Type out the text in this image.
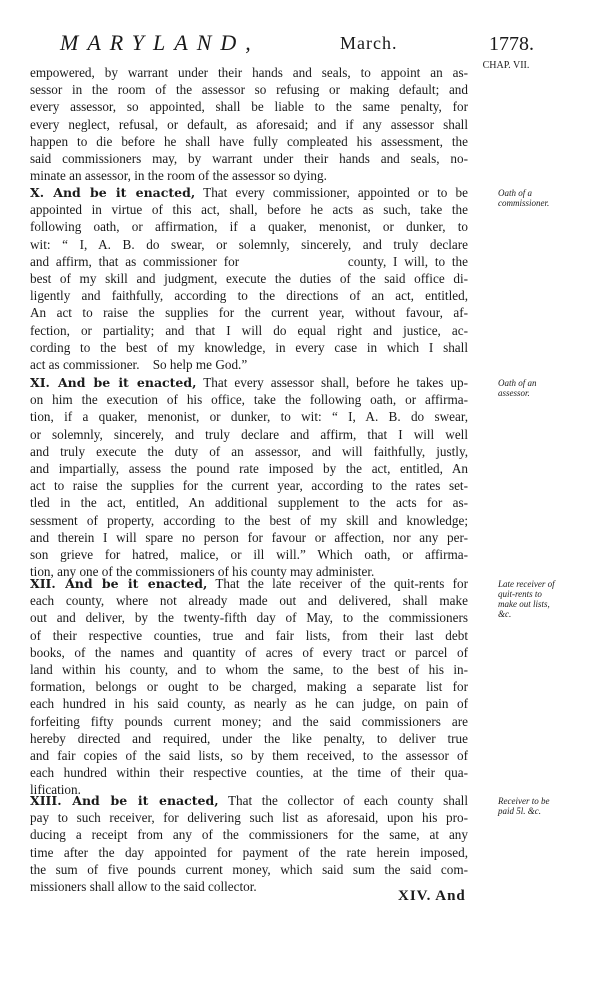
MARYLAND,	March.	1778.
CHAP. VII.
empowered, by warrant under their hands and seals, to appoint an as-
sessor in the room of the assessor so refusing or making default; and
every assessor, so appointed, shall be liable to the same penalty, for
every neglect, refusal, or default, as aforesaid; and if any assessor shall
happen to die before he shall have fully compleated his assessment, the
said commissioners may, by warrant under their hands and seals, no-
minate an assessor, in the room of the assessor so dying.
X. And be it enacted, That every commissioner, appointed or to be
appointed in virtue of this act, shall, before he acts as such, take the
following oath, or affirmation, if a quaker, menonist, or dunker, to
wit: “ I, A. B. do swear, or solemnly, sincerely, and truly declare
and affirm, that as commissioner for                county, I will, to the
best of my skill and judgment, execute the duties of the said office di-
ligently and faithfully, according to the directions of an act, entitled,
An act to raise the supplies for the current year, without favour, af-
fection, or partiality; and that I will do equal right and justice, ac-
cording to the best of my knowledge, in every case in which I shall
act as commissioner.    So help me God.”
Oath of a commissioner.
XI. And be it enacted, That every assessor shall, before he takes up-
on him the execution of his office, take the following oath, or affirma-
tion, if a quaker, menonist, or dunker, to wit: “ I, A. B. do swear,
or solemnly, sincerely, and truly declare and affirm, that I will well
and truly execute the duty of an assessor, and will faithfully, justly,
and impartially, assess the pound rate imposed by the act, entitled, An
act to raise the supplies for the current year, according to the rates set-
tled in the act, entitled, An additional supplement to the acts for as-
sessment of property, according to the best of my skill and knowledge;
and therein I will spare no person for favour or affection, nor any per-
son grieve for hatred, malice, or ill will.” Which oath, or affirma-
tion, any one of the commissioners of his county may administer.
Oath of an assessor.
XII. And be it enacted, That the late receiver of the quit-rents for
each county, where not already made out and delivered, shall make
out and deliver, by the twenty-fifth day of May, to the commissioners
of their respective counties, true and fair lists, from their last debt
books, of the names and quantity of acres of every tract or parcel of
land within his county, and to whom the same, to the best of his in-
formation, belongs or ought to be charged, making a separate list for
each hundred in his said county, as nearly as he can judge, on pain of
forfeiting fifty pounds current money; and the said commissioners are
hereby directed and required, under the like penalty, to deliver true
and fair copies of the said lists, so by them received, to the assessor of
each hundred within their respective counties, at the time of their qua-
lification.
Late receiver of quit-rents to make out lists, &c.
XIII. And be it enacted, That the collector of each county shall
pay to such receiver, for delivering such list as aforesaid, upon his pro-
ducing a receipt from any of the commissioners for the same, at any
time after the day appointed for payment of the rate herein imposed,
the sum of five pounds current money, which said sum the said com-
missioners shall allow to the said collector.
Receiver to be paid 5l. &c.
XIV. And
